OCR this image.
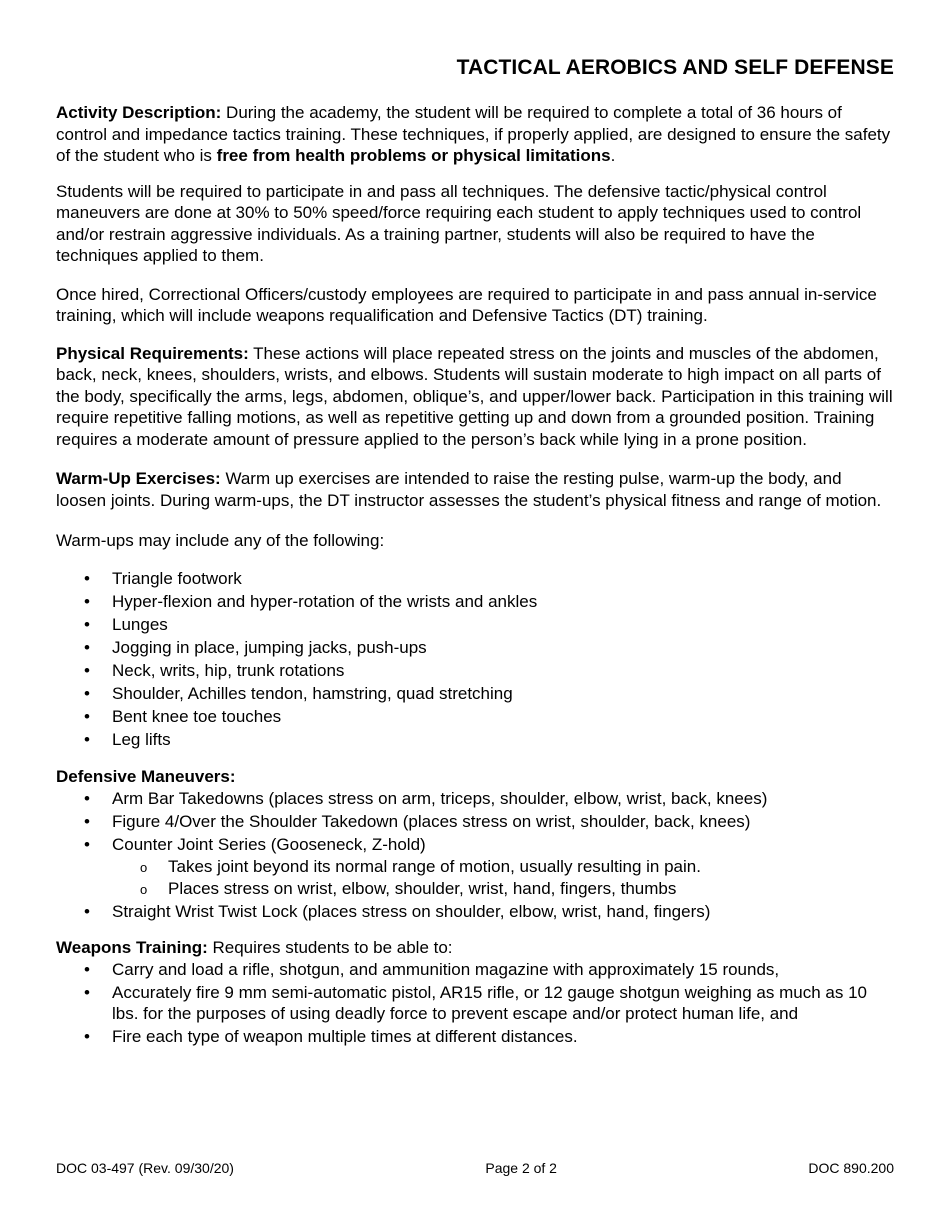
TACTICAL AEROBICS AND SELF DEFENSE

Activity Description: During the academy, the student will be required to complete a total of 36 hours of control and impedance tactics training. These techniques, if properly applied, are designed to ensure the safety of the student who is free from health problems or physical limitations.

Students will be required to participate in and pass all techniques. The defensive tactic/physical control maneuvers are done at 30% to 50% speed/force requiring each student to apply techniques used to control and/or restrain aggressive individuals. As a training partner, students will also be required to have the techniques applied to them.

Once hired, Correctional Officers/custody employees are required to participate in and pass annual in-service training, which will include weapons requalification and Defensive Tactics (DT) training.

Physical Requirements: These actions will place repeated stress on the joints and muscles of the abdomen, back, neck, knees, shoulders, wrists, and elbows. Students will sustain moderate to high impact on all parts of the body, specifically the arms, legs, abdomen, oblique’s, and upper/lower back. Participation in this training will require repetitive falling motions, as well as repetitive getting up and down from a grounded position. Training requires a moderate amount of pressure applied to the person’s back while lying in a prone position.

Warm-Up Exercises: Warm up exercises are intended to raise the resting pulse, warm-up the body, and loosen joints. During warm-ups, the DT instructor assesses the student’s physical fitness and range of motion.

Warm-ups may include any of the following:

• Triangle footwork
• Hyper-flexion and hyper-rotation of the wrists and ankles
• Lunges
• Jogging in place, jumping jacks, push-ups
• Neck, writs, hip, trunk rotations
• Shoulder, Achilles tendon, hamstring, quad stretching
• Bent knee toe touches
• Leg lifts
Defensive Maneuvers:
• Arm Bar Takedowns (places stress on arm, triceps, shoulder, elbow, wrist, back, knees)
• Figure 4/Over the Shoulder Takedown (places stress on wrist, shoulder, back, knees)
• Counter Joint Series (Gooseneck, Z-hold)
o Takes joint beyond its normal range of motion, usually resulting in pain.
o Places stress on wrist, elbow, shoulder, wrist, hand, fingers, thumbs
• Straight Wrist Twist Lock (places stress on shoulder, elbow, wrist, hand, fingers)
Weapons Training: Requires students to be able to:
• Carry and load a rifle, shotgun, and ammunition magazine with approximately 15 rounds,
• Accurately fire 9 mm semi-automatic pistol, AR15 rifle, or 12 gauge shotgun weighing as much as 10 lbs. for the purposes of using deadly force to prevent escape and/or protect human life, and
• Fire each type of weapon multiple times at different distances.
DOC 03-497 (Rev. 09/30/20)	Page 2 of 2	DOC 890.200
